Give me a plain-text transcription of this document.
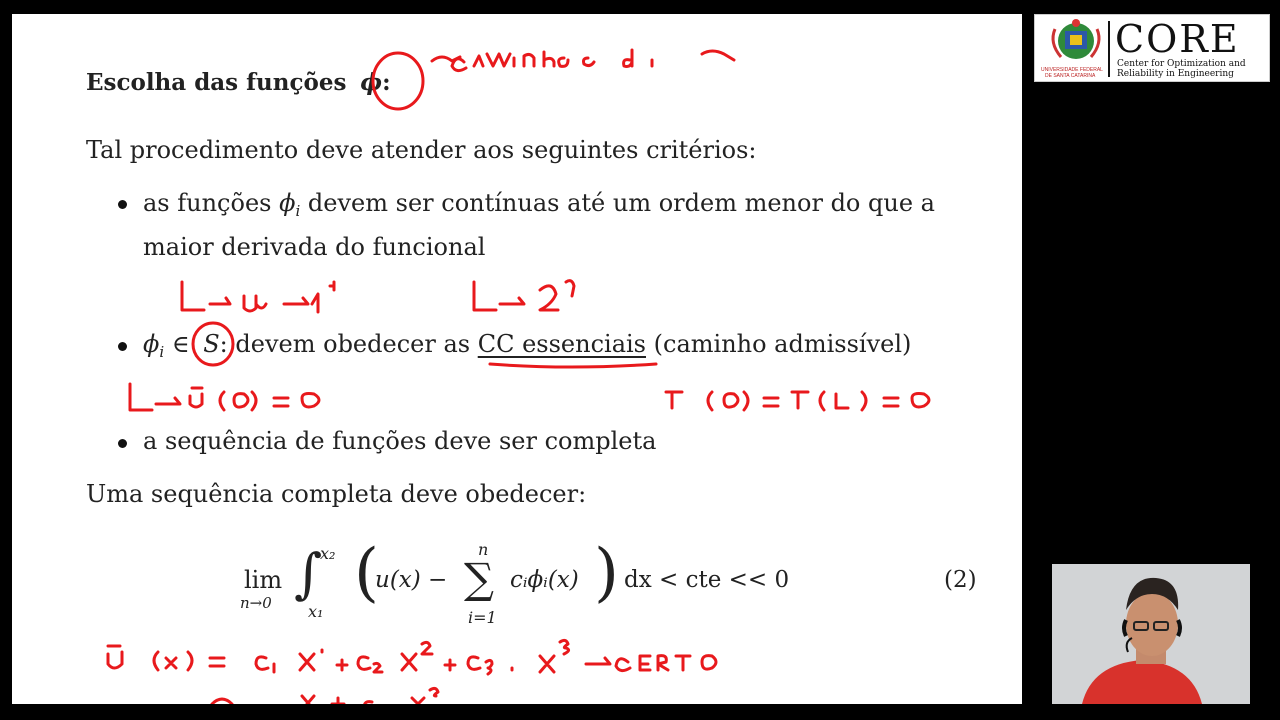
Escolha das funções ϕ:
Tal procedimento deve atender aos seguintes critérios:
as funções $\phi_i$ devem ser contínuas até um ordem menor do que a
maior derivada do funcional
$\phi_i$ ∈ S: devem obedecer as CC essenciais (caminho admissível)
a sequência de funções deve ser completa
Uma sequência completa deve obedecer:
lim
n→0 ∫
x₂
x₁
(
u(x) − ∑
n
i=1
cᵢϕᵢ(x) ) dx < cte << 0	(2)
UNIVERSIDADE FEDERAL
DE SANTA CATARINA
CORE
Center for Optimization and
Reliability in Engineering
